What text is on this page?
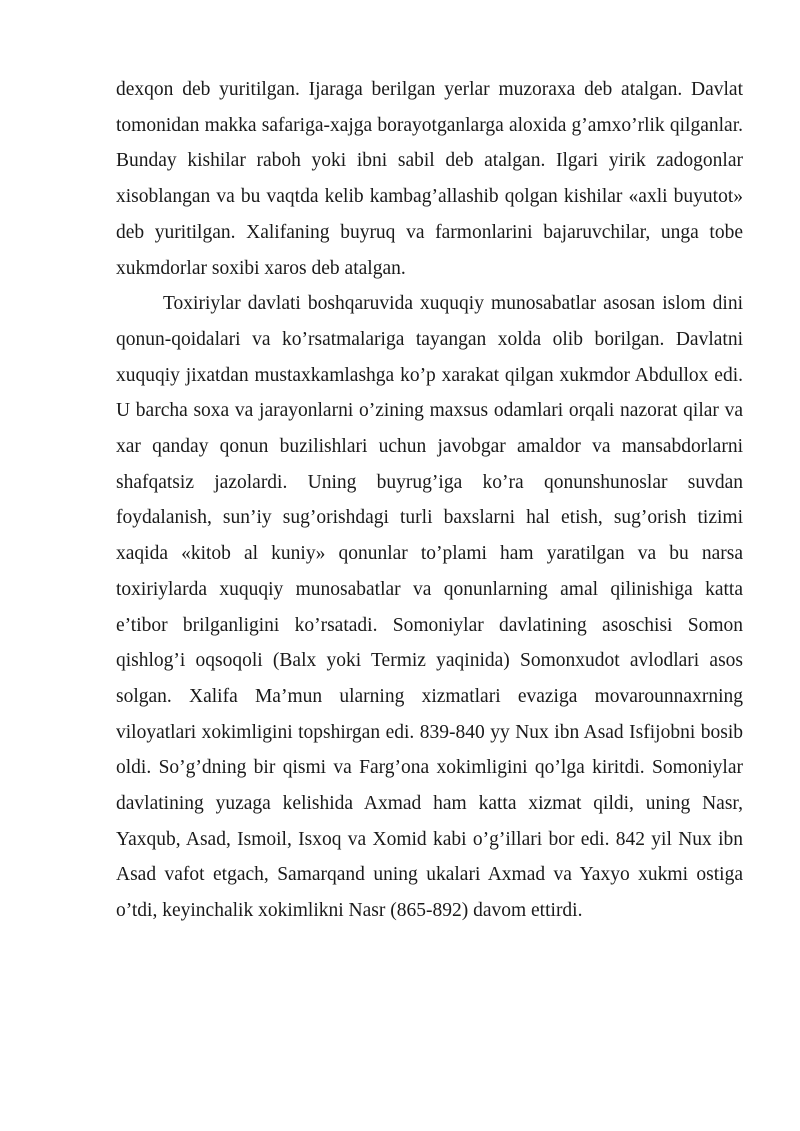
dexqon deb yuritilgan. Ijaraga berilgan yerlar muzoraxa deb atalgan. Davlat tomonidan makka safariga-xajga borayotganlarga aloxida g’amxo’rlik qilganlar. Bunday kishilar raboh yoki ibni sabil deb atalgan. Ilgari yirik zadogonlar xisoblangan va bu vaqtda kelib kambag’allashib qolgan kishilar «axli buyutot» deb yuritilgan. Xalifaning buyruq va farmonlarini bajaruvchilar, unga tobe xukmdorlar soxibi xaros deb atalgan.

Toxiriylar davlati boshqaruvida xuquqiy munosabatlar asosan islom dini qonun-qoidalari va ko’rsatmalariga tayangan xolda olib borilgan. Davlatni xuquqiy jixatdan mustaxkamlashga ko’p xarakat qilgan xukmdor Abdullox edi. U barcha soxa va jarayonlarni o’zining maxsus odamlari orqali nazorat qilar va xar qanday qonun buzilishlari uchun javobgar amaldor va mansabdorlarni shafqatsiz jazolardi. Uning buyrug’iga ko’ra qonunshunoslar suvdan foydalanish, sun’iy sug’orishdagi turli baxslarni hal etish, sug’orish tizimi xaqida «kitob al kuniy» qonunlar to’plami ham yaratilgan va bu narsa toxiriylarda xuquqiy munosabatlar va qonunlarning amal qilinishiga katta e’tibor brilganligini ko’rsatadi. Somoniylar davlatining asoschisi Somon qishlog’i oqsoqoli (Balx yoki Termiz yaqinida) Somonxudot avlodlari asos solgan. Xalifa Ma’mun ularning xizmatlari evaziga movarounnaxrning viloyatlari xokimligini topshirgan edi. 839-840 yy Nux ibn Asad Isfijobni bosib oldi. So’g’dning bir qismi va Farg’ona xokimligini qo’lga kiritdi. Somoniylar davlatining yuzaga kelishida Axmad ham katta xizmat qildi, uning Nasr, Yaxqub, Asad, Ismoil, Isxoq va Xomid kabi o’g’illari bor edi. 842 yil Nux ibn Asad vafot etgach, Samarqand uning ukalari Axmad va Yaxyo xukmi ostiga o’tdi, keyinchalik xokimlikni Nasr (865-892) davom ettirdi.
